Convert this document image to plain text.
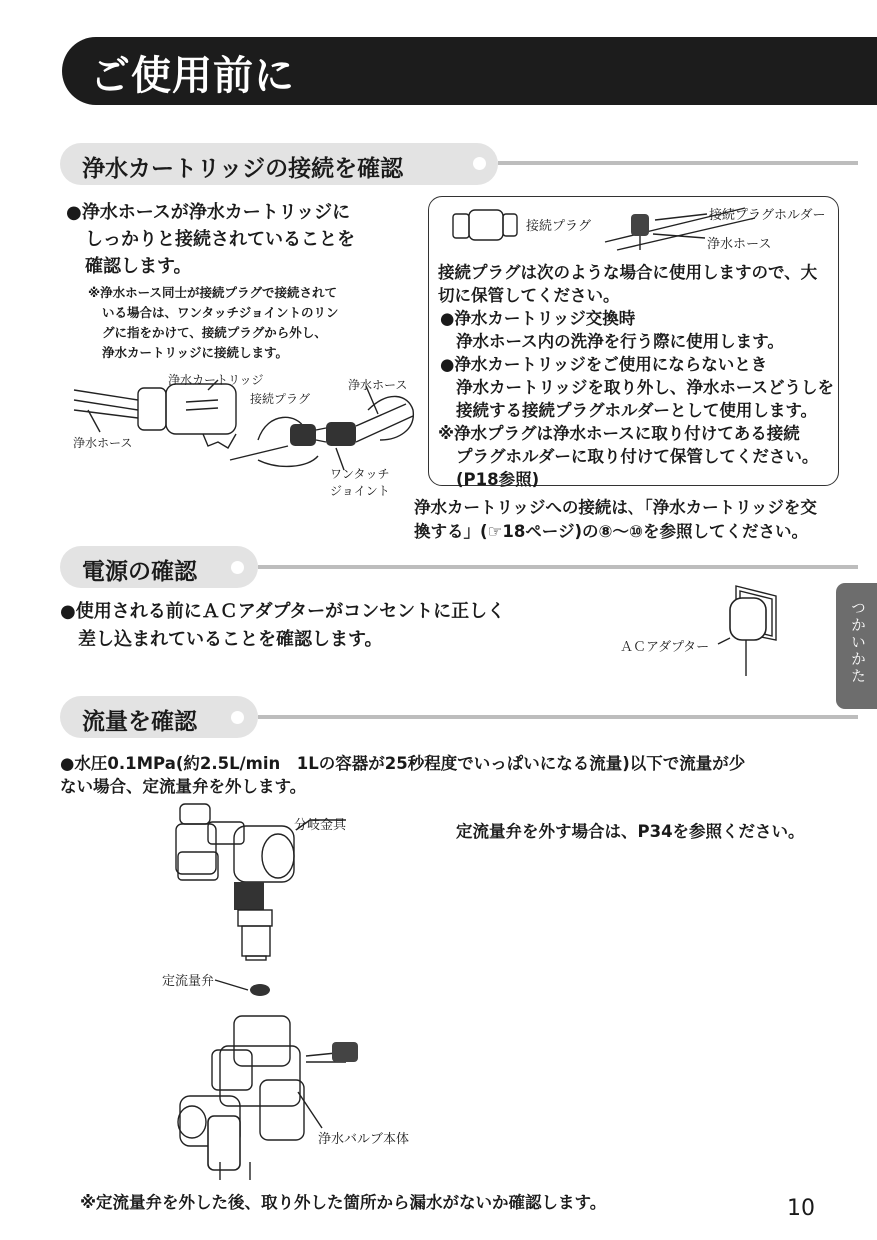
ご使用前に
浄水カートリッジの接続を確認
●浄水ホースが浄水カートリッジに
しっかりと接続されていることを
確認します。
※浄水ホース同士が接続プラグで接続されて
いる場合は、ワンタッチジョイントのリン
グに指をかけて、接続プラグから外し、
浄水カートリッジに接続します。
浄水カートリッジ
浄水ホース
接続プラグ
浄水ホース
ワンタッチ
ジョイント
接続プラグ
接続プラグホルダー
浄水ホース
接続プラグは次のような場合に使用しますので、大
切に保管してください。
●浄水カートリッジ交換時
浄水ホース内の洗浄を行う際に使用します。
●浄水カートリッジをご使用にならないとき
浄水カートリッジを取り外し、浄水ホースどうしを
接続する接続プラグホルダーとして使用します。
※浄水プラグは浄水ホースに取り付けてある接続
プラグホルダーに取り付けて保管してください。
(P18参照)
浄水カートリッジへの接続は､「浄水カートリッジを交
換する」(☞18ページ)の⑧～⑩を参照してください。
電源の確認
●使用される前にＡＣアダプターがコンセントに正しく
差し込まれていることを確認します。	ＡＣアダプター	つかいかた
流量を確認
●水圧0.1MPa(約2.5L/min　1Lの容器が25秒程度でいっぱいになる流量)以下で流量が少
ない場合、定流量弁を外します。
定流量弁を外す場合は、P34を参照ください。
分岐金具
定流量弁
浄水バルブ本体
※定流量弁を外した後、取り外した箇所から漏水がないか確認します。	10
